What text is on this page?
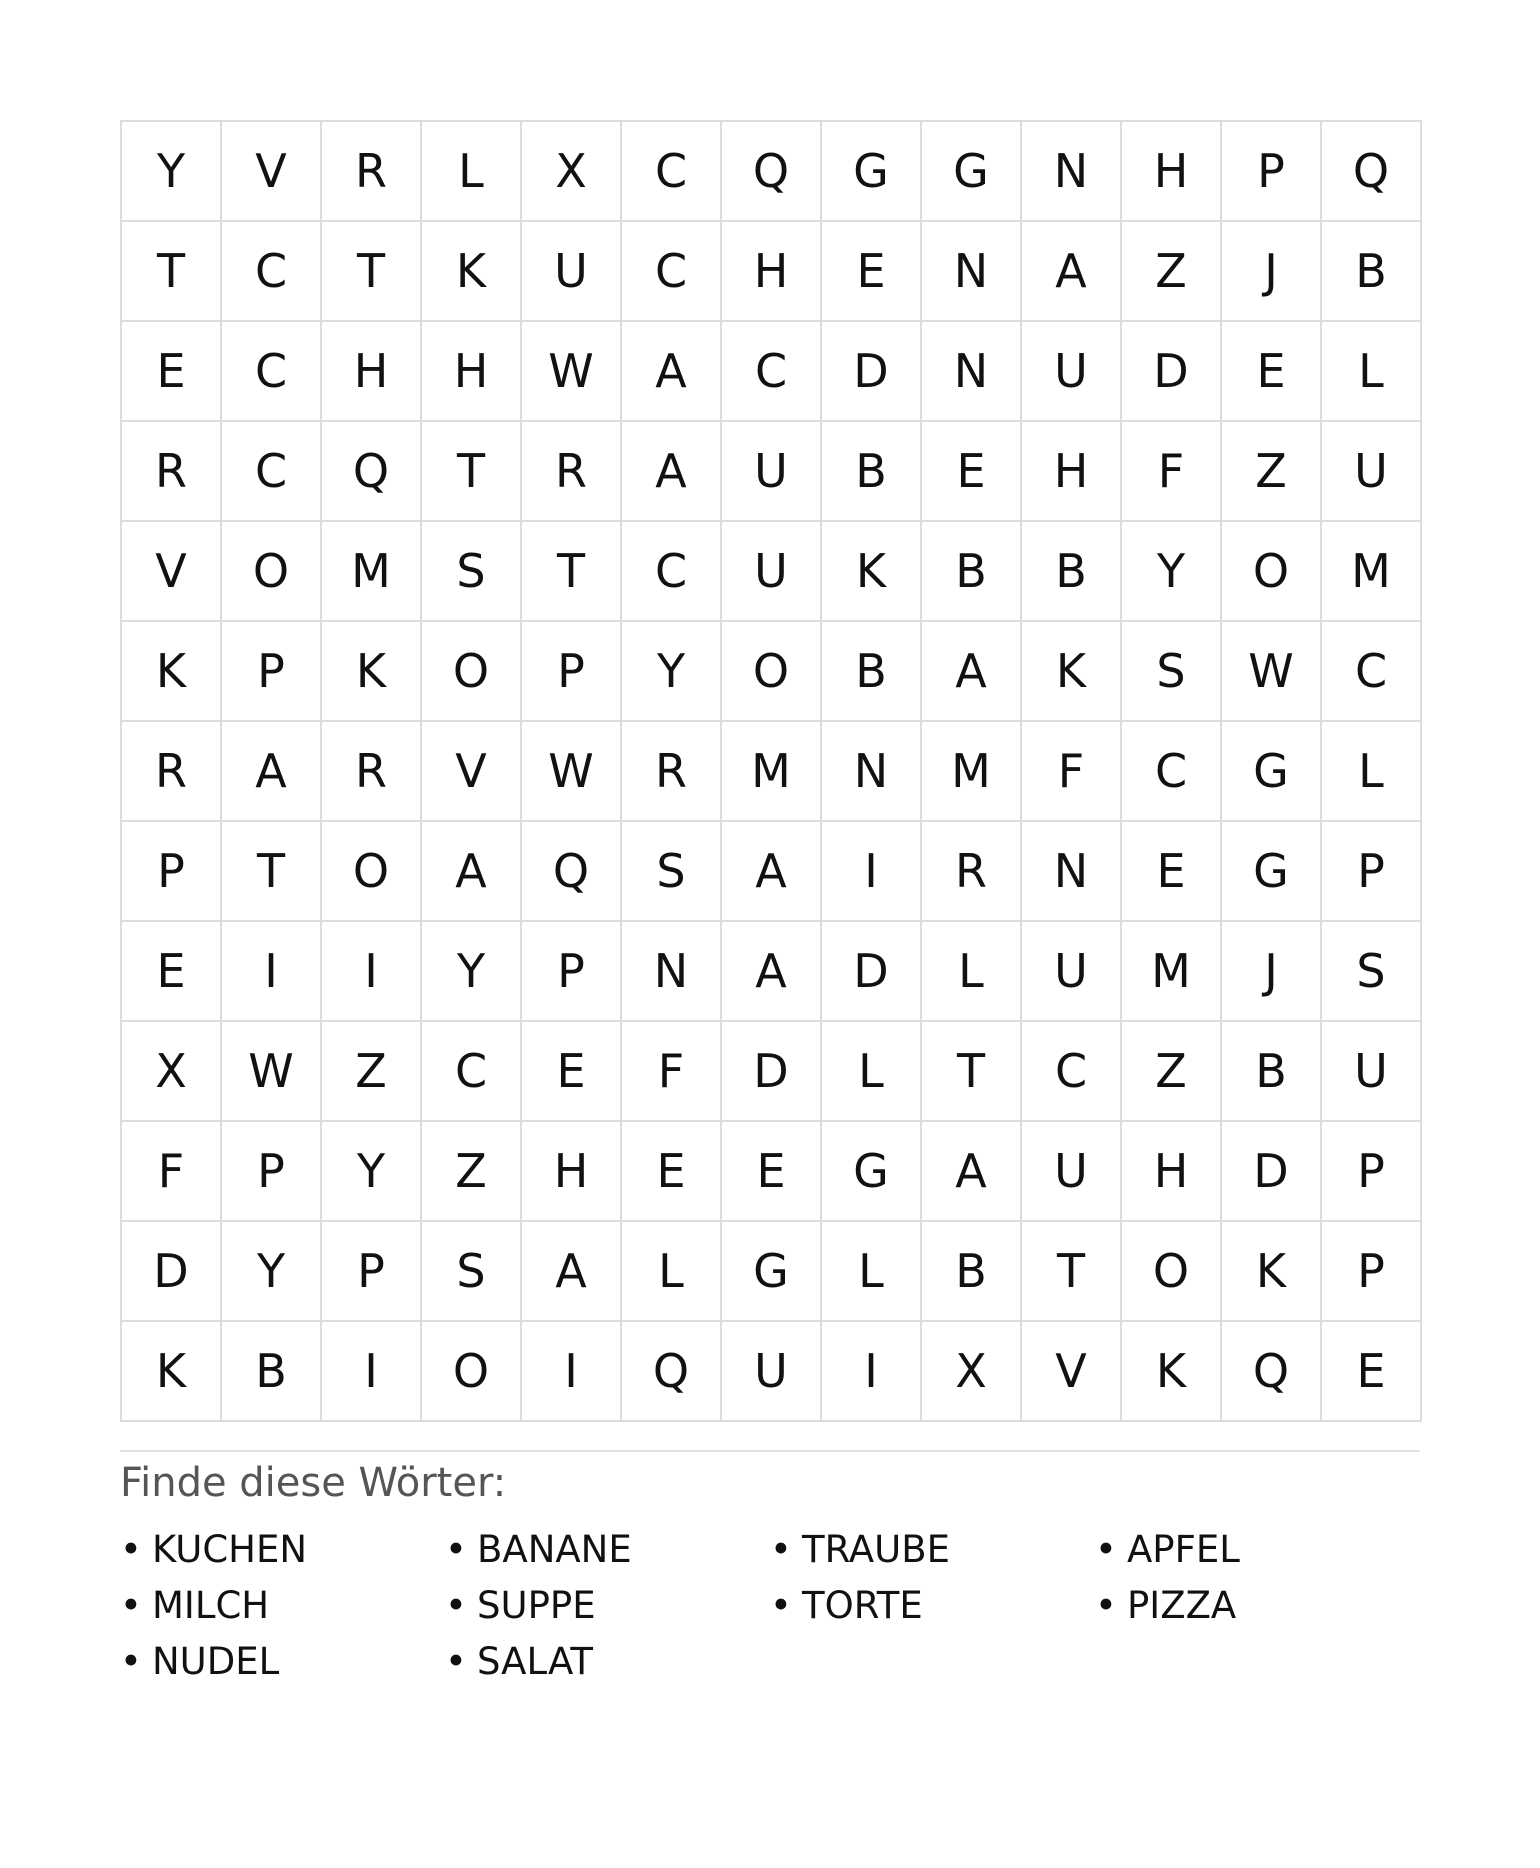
Y	V	R	L	X	C	Q	G	G	N	H	P	Q
T	C	T	K	U	C	H	E	N	A	Z	J	B
E	C	H	H	W	A	C	D	N	U	D	E	L
R	C	Q	T	R	A	U	B	E	H	F	Z	U
V	O	M	S	T	C	U	K	B	B	Y	O	M
K	P	K	O	P	Y	O	B	A	K	S	W	C
R	A	R	V	W	R	M	N	M	F	C	G	L
P	T	O	A	Q	S	A	I	R	N	E	G	P
E	I	I	Y	P	N	A	D	L	U	M	J	S
X	W	Z	C	E	F	D	L	T	C	Z	B	U
F	P	Y	Z	H	E	E	G	A	U	H	D	P
D	Y	P	S	A	L	G	L	B	T	O	K	P
K	B	I	O	I	Q	U	I	X	V	K	Q	E
Finde diese Wörter:
• KUCHEN	• BANANE	• TRAUBE	• APFEL
• MILCH	• SUPPE	• TORTE	• PIZZA
• NUDEL	• SALAT
